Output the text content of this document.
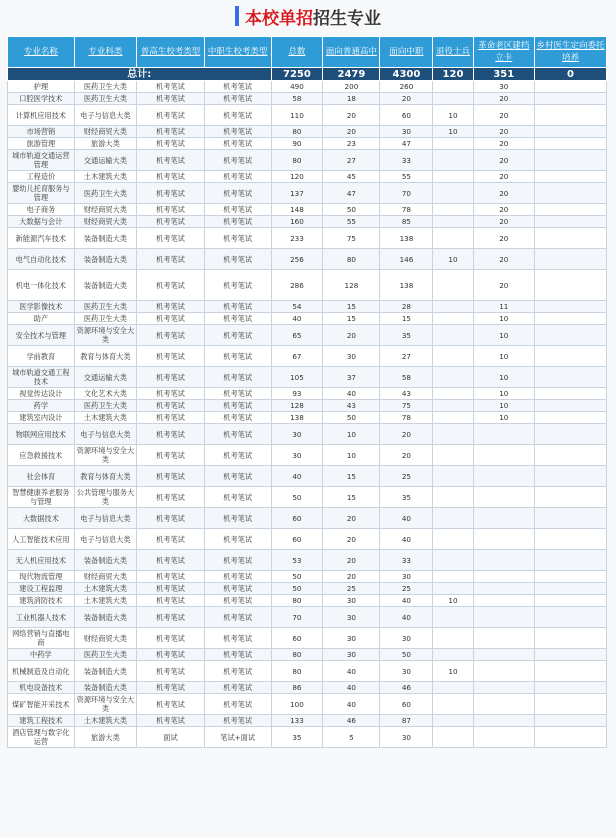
本校单招招生专业
专业名称	专业科类	普高生校考类型	中职生校考类型	总数	面向普通高中	面向中职	退役士兵	革命老区建档立卡	乡村医生定向委托培养
总计:				7250	2479	4300	120	351	0
护理	医药卫生大类	机考笔试	机考笔试	490	200	260		30	
口腔医学技术	医药卫生大类	机考笔试	机考笔试	58	18	20		20	
计算机应用技术	电子与信息大类	机考笔试	机考笔试	110	20	60	10	20	
市场营销	财经商贸大类	机考笔试	机考笔试	80	20	30	10	20	
旅游管理	旅游大类	机考笔试	机考笔试	90	23	47		20	
城市轨道交通运营管理	交通运输大类	机考笔试	机考笔试	80	27	33		20	
工程造价	土木建筑大类	机考笔试	机考笔试	120	45	55		20	
婴幼儿托育服务与管理	医药卫生大类	机考笔试	机考笔试	137	47	70		20	
电子商务	财经商贸大类	机考笔试	机考笔试	148	50	78		20	
大数据与会计	财经商贸大类	机考笔试	机考笔试	160	55	85		20	
新能源汽车技术	装备制造大类	机考笔试	机考笔试	233	75	138		20	
电气自动化技术	装备制造大类	机考笔试	机考笔试	256	80	146	10	20	
机电一体化技术	装备制造大类	机考笔试	机考笔试	286	128	138		20	
医学影像技术	医药卫生大类	机考笔试	机考笔试	54	15	28		11	
助产	医药卫生大类	机考笔试	机考笔试	40	15	15		10	
安全技术与管理	资源环境与安全大类	机考笔试	机考笔试	65	20	35		10	
学前教育	教育与体育大类	机考笔试	机考笔试	67	30	27		10	
城市轨道交通工程技术	交通运输大类	机考笔试	机考笔试	105	37	58		10	
视觉传达设计	文化艺术大类	机考笔试	机考笔试	93	40	43		10	
药学	医药卫生大类	机考笔试	机考笔试	128	43	75		10	
建筑室内设计	土木建筑大类	机考笔试	机考笔试	138	50	78		10	
物联网应用技术	电子与信息大类	机考笔试	机考笔试	30	10	20			
应急救援技术	资源环境与安全大类	机考笔试	机考笔试	30	10	20			
社会体育	教育与体育大类	机考笔试	机考笔试	40	15	25			
智慧健康养老服务与管理	公共管理与服务大类	机考笔试	机考笔试	50	15	35			
大数据技术	电子与信息大类	机考笔试	机考笔试	60	20	40			
人工智能技术应用	电子与信息大类	机考笔试	机考笔试	60	20	40			
无人机应用技术	装备制造大类	机考笔试	机考笔试	53	20	33			
现代物流管理	财经商贸大类	机考笔试	机考笔试	50	20	30			
建设工程监理	土木建筑大类	机考笔试	机考笔试	50	25	25			
建筑消防技术	土木建筑大类	机考笔试	机考笔试	80	30	40	10		
工业机器人技术	装备制造大类	机考笔试	机考笔试	70	30	40			
网络营销与直播电商	财经商贸大类	机考笔试	机考笔试	60	30	30			
中药学	医药卫生大类	机考笔试	机考笔试	80	30	50			
机械制造及自动化	装备制造大类	机考笔试	机考笔试	80	40	30	10		
机电设备技术	装备制造大类	机考笔试	机考笔试	86	40	46			
煤矿智能开采技术	资源环境与安全大类	机考笔试	机考笔试	100	40	60			
建筑工程技术	土木建筑大类	机考笔试	机考笔试	133	46	87			
酒店管理与数字化运营	旅游大类	面试	笔试+面试	35	5	30			
